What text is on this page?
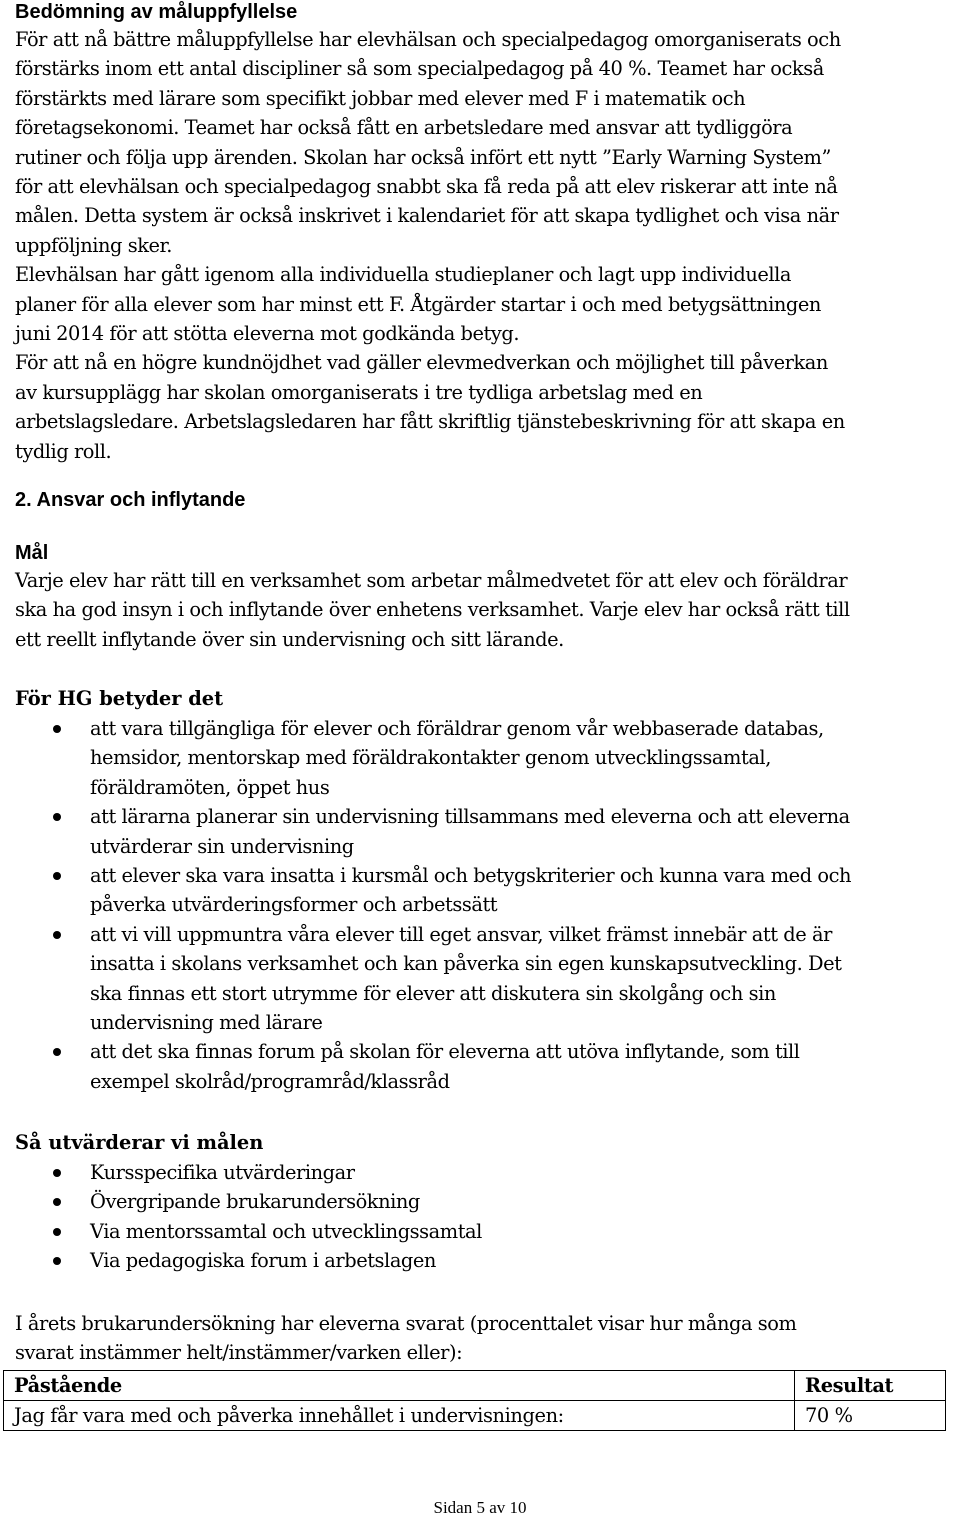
Bedömning av måluppfyllelse

För att nå bättre måluppfyllelse har elevhälsan och specialpedagog omorganiserats och
förstärks inom ett antal discipliner så som specialpedagog på 40 %. Teamet har också
förstärkts med lärare som specifikt jobbar med elever med F i matematik och
företagsekonomi. Teamet har också fått en arbetsledare med ansvar att tydliggöra
rutiner och följa upp ärenden. Skolan har också infört ett nytt ”Early Warning System”
för att elevhälsan och specialpedagog snabbt ska få reda på att elev riskerar att inte nå
målen. Detta system är också inskrivet i kalendariet för att skapa tydlighet och visa när
uppföljning sker.
Elevhälsan har gått igenom alla individuella studieplaner och lagt upp individuella
planer för alla elever som har minst ett F. Åtgärder startar i och med betygsättningen
juni 2014 för att stötta eleverna mot godkända betyg.
För att nå en högre kundnöjdhet vad gäller elevmedverkan och möjlighet till påverkan
av kursupplägg har skolan omorganiserats i tre tydliga arbetslag med en
arbetslagsledare. Arbetslagsledaren har fått skriftlig tjänstebeskrivning för att skapa en
tydlig roll.

2. Ansvar och inflytande
Mål

Varje elev har rätt till en verksamhet som arbetar målmedvetet för att elev och föräldrar
ska ha god insyn i och inflytande över enhetens verksamhet. Varje elev har också rätt till
ett reellt inflytande över sin undervisning och sitt lärande.

För HG betyder det
att vara tillgängliga för elever och föräldrar genom vår webbaserade databas,
hemsidor, mentorskap med föräldrakontakter genom utvecklingssamtal,
föräldramöten, öppet hus
att lärarna planerar sin undervisning tillsammans med eleverna och att eleverna
utvärderar sin undervisning
att elever ska vara insatta i kursmål och betygskriterier och kunna vara med och
påverka utvärderingsformer och arbetssätt
att vi vill uppmuntra våra elever till eget ansvar, vilket främst innebär att de är
insatta i skolans verksamhet och kan påverka sin egen kunskapsutveckling. Det
ska finnas ett stort utrymme för elever att diskutera sin skolgång och sin
undervisning med lärare
att det ska finnas forum på skolan för eleverna att utöva inflytande, som till
exempel skolråd/programråd/klassråd
Så utvärderar vi målen
Kursspecifika utvärderingar
Övergripande brukarundersökning
Via mentorssamtal och utvecklingssamtal
Via pedagogiska forum i arbetslagen

I årets brukarundersökning har eleverna svarat (procenttalet visar hur många som
svarat instämmer helt/instämmer/varken eller):

Påstående	Resultat
Jag får vara med och påverka innehållet i undervisningen:	70 %
Sidan 5 av 10
